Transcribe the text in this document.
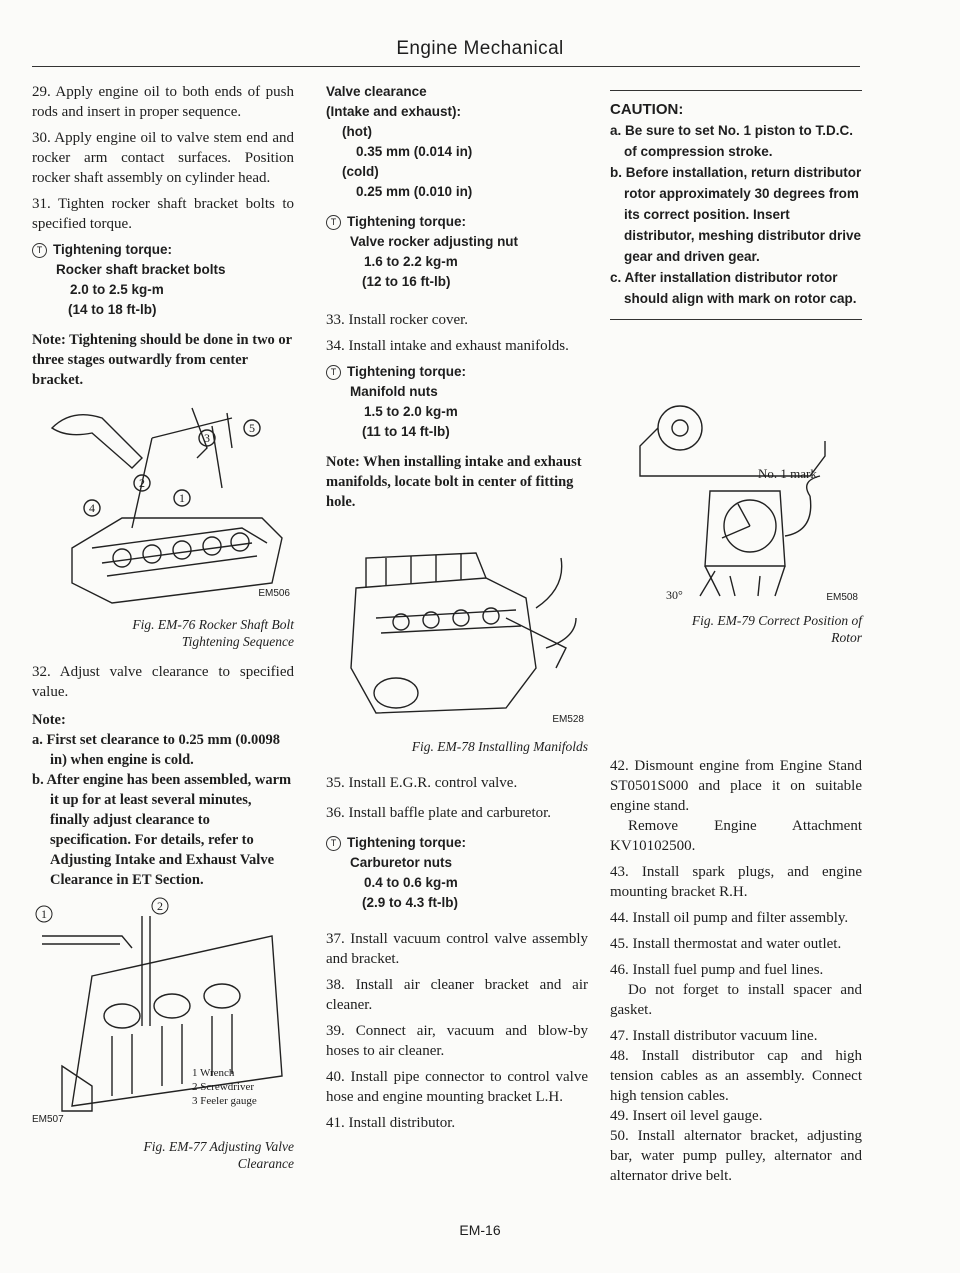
Engine Mechanical

29. Apply engine oil to both ends of push rods and insert in proper sequence.

30. Apply engine oil to valve stem end and rocker arm contact surfaces. Position rocker shaft assembly on cylinder head.

31. Tighten rocker shaft bracket bolts to specified torque.

T Tightening torque:
Rocker shaft bracket bolts
2.0 to 2.5 kg-m
(14 to 18 ft-lb)

Note: Tightening should be done in two or three stages outwardly from center bracket.

5
3
1
2
4
EM506
Fig. EM-76 Rocker Shaft Bolt
Tightening Sequence

32. Adjust valve clearance to specified value.

Note:

a. First set clearance to 0.25 mm (0.0098 in) when engine is cold.

b. After engine has been assembled, warm it up for at least several minutes, finally adjust clearance to specification. For details, refer to Adjusting Intake and Exhaust Valve Clearance in ET Section.

1
2
EM507
1 Wrench
2 Screwdriver
3 Feeler gauge
Fig. EM-77 Adjusting Valve
Clearance
Valve clearance
(Intake and exhaust):
(hot)
0.35 mm (0.014 in)
(cold)
0.25 mm (0.010 in)
T Tightening torque:
Valve rocker adjusting nut
1.6 to 2.2 kg-m
(12 to 16 ft-lb)

33. Install rocker cover.

34. Install intake and exhaust manifolds.

T Tightening torque:
Manifold nuts
1.5 to 2.0 kg-m
(11 to 14 ft-lb)

Note: When installing intake and exhaust manifolds, locate bolt in center of fitting hole.

EM528
Fig. EM-78 Installing Manifolds

35. Install E.G.R. control valve.

36. Install baffle plate and carburetor.

T Tightening torque:
Carburetor nuts
0.4 to 0.6 kg-m
(2.9 to 4.3 ft-lb)

37. Install vacuum control valve assembly and bracket.

38. Install air cleaner bracket and air cleaner.

39. Connect air, vacuum and blow-by hoses to air cleaner.

40. Install pipe connector to control valve hose and engine mounting bracket L.H.

41. Install distributor.

CAUTION:
a. Be sure to set No. 1 piston to T.D.C. of compression stroke.
b. Before installation, return distributor rotor approximately 30 degrees from its correct position. Insert distributor, meshing distributor drive gear and driven gear.
c. After installation distributor rotor should align with mark on rotor cap.
No. 1 mark
30°	EM508
Fig. EM-79 Correct Position of
Rotor

42. Dismount engine from Engine Stand ST0501S000 and place it on suitable engine stand.

Remove Engine Attachment KV10102500.

43. Install spark plugs, and engine mounting bracket R.H.

44. Install oil pump and filter assembly.

45. Install thermostat and water outlet.

46. Install fuel pump and fuel lines.

Do not forget to install spacer and gasket.

47. Install distributor vacuum line.

48. Install distributor cap and high tension cables as an assembly. Connect high tension cables.

49. Insert oil level gauge.

50. Install alternator bracket, adjusting bar, water pump pulley, alternator and alternator drive belt.

EM-16
